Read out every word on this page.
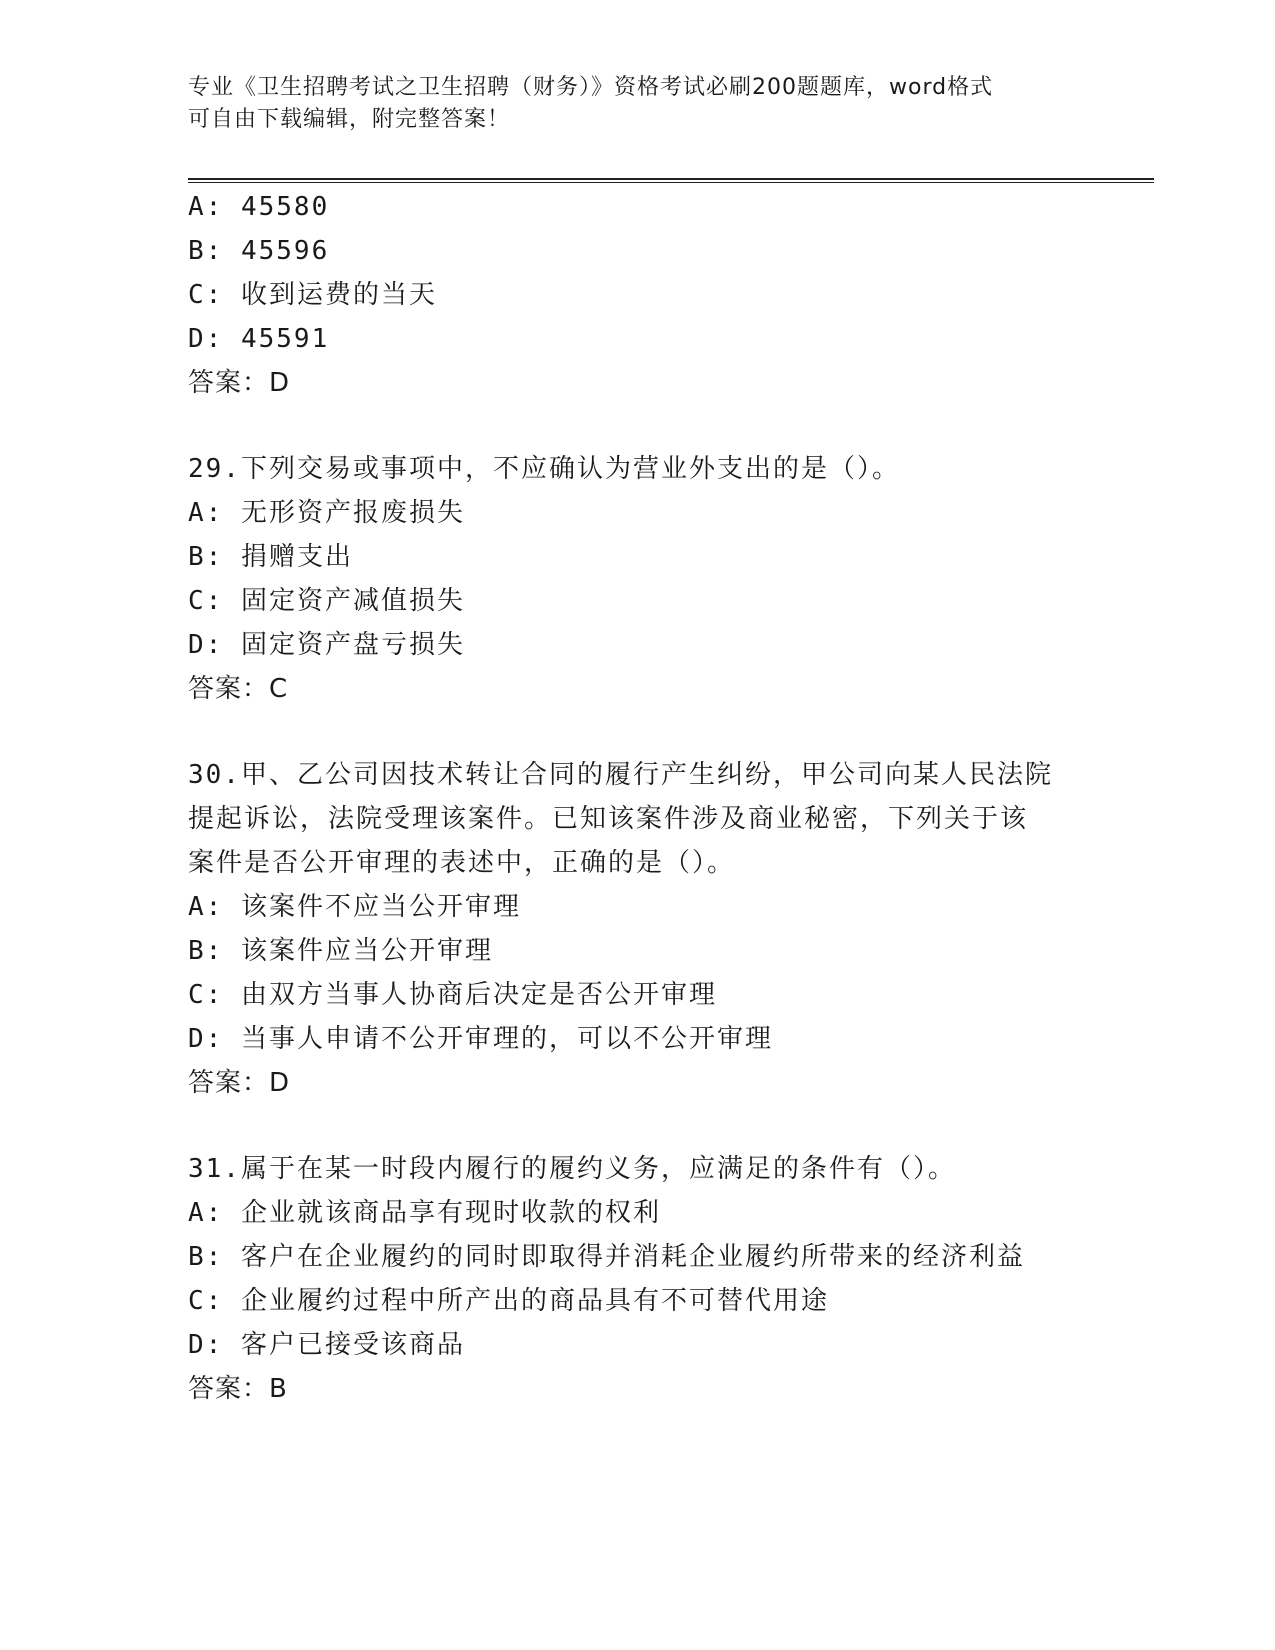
专业《卫生招聘考试之卫生招聘（财务）》资格考试必刷200题题库，word格式
可自由下载编辑，附完整答案！
A: 45580
B: 45596
C: 收到运费的当天
D: 45591
答案：D
29.下列交易或事项中，不应确认为营业外支出的是（）。
A: 无形资产报废损失
B: 捐赠支出
C: 固定资产减值损失
D: 固定资产盘亏损失
答案：C
30.甲、乙公司因技术转让合同的履行产生纠纷，甲公司向某人民法院
提起诉讼，法院受理该案件。已知该案件涉及商业秘密，下列关于该
案件是否公开审理的表述中，正确的是（）。
A: 该案件不应当公开审理
B: 该案件应当公开审理
C: 由双方当事人协商后决定是否公开审理
D: 当事人申请不公开审理的，可以不公开审理
答案：D
31.属于在某一时段内履行的履约义务，应满足的条件有（）。
A: 企业就该商品享有现时收款的权利
B: 客户在企业履约的同时即取得并消耗企业履约所带来的经济利益
C: 企业履约过程中所产出的商品具有不可替代用途
D: 客户已接受该商品
答案：B
